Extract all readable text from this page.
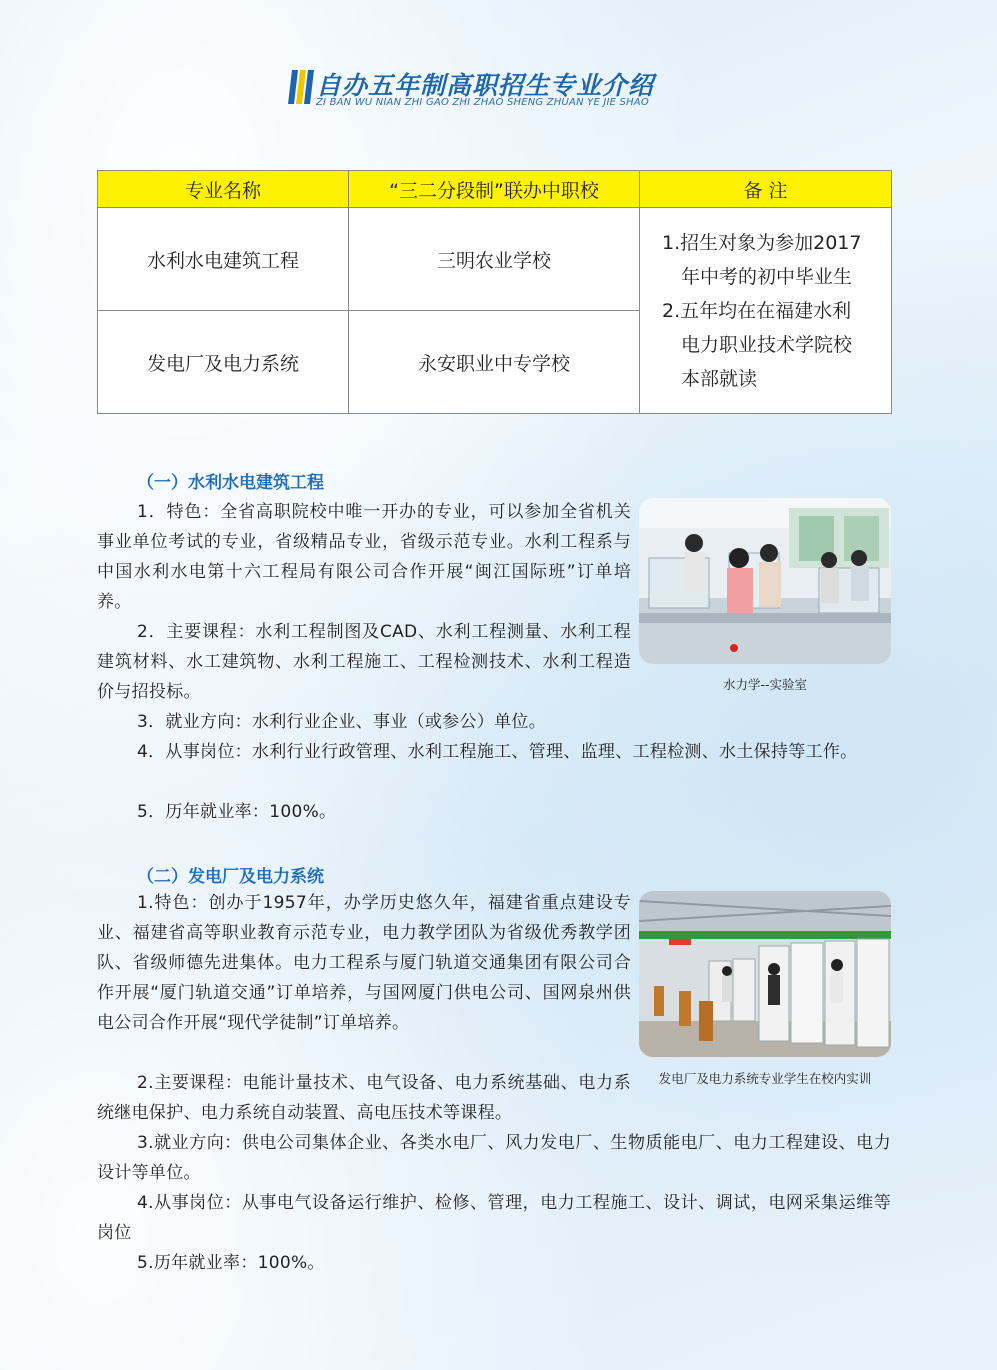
自办五年制高职招生专业介绍
ZI BAN WU NIAN ZHI GAO ZHI ZHAO SHENG ZHUAN YE JIE SHAO
专业名称	“三二分段制”联办中职校	备 注
水利水电建筑工程	三明农业学校	1.招生对象为参加2017
年中考的初中毕业生
2.五年均在在福建水利
电力职业技术学院校
本部就读

发电厂及电力系统	永安职业中专学校	
（一）水利水电建筑工程
1．特色：全省高职院校中唯一开办的专业，可以参加全省机关事业单位考试的专业，省级精品专业，省级示范专业。水利工程系与中国水利水电第十六工程局有限公司合作开展“闽江国际班”订单培养。
2．主要课程：水利工程制图及CAD、水利工程测量、水利工程建筑材料、水工建筑物、水利工程施工、工程检测技术、水利工程造价与招投标。
3．就业方向：水利行业企业、事业（或参公）单位。
4．从事岗位：水利行业行政管理、水利工程施工、管理、监理、工程检测、水土保持等工作。
5．历年就业率：100%。
水力学--实验室
（二）发电厂及电力系统
1.特色：创办于1957年，办学历史悠久年，福建省重点建设专业、福建省高等职业教育示范专业，电力教学团队为省级优秀教学团队、省级师德先进集体。电力工程系与厦门轨道交通集团有限公司合作开展“厦门轨道交通”订单培养，与国网厦门供电公司、国网泉州供电公司合作开展“现代学徒制”订单培养。
2.主要课程：电能计量技术、电气设备、电力系统基础、电力系统继电保护、电力系统自动装置、高电压技术等课程。
3.就业方向：供电公司集体企业、各类水电厂、风力发电厂、生物质能电厂、电力工程建设、电力设计等单位。
4.从事岗位：从事电气设备运行维护、检修、管理，电力工程施工、设计、调试，电网采集运维等岗位
5.历年就业率：100%。
发电厂及电力系统专业学生在校内实训
